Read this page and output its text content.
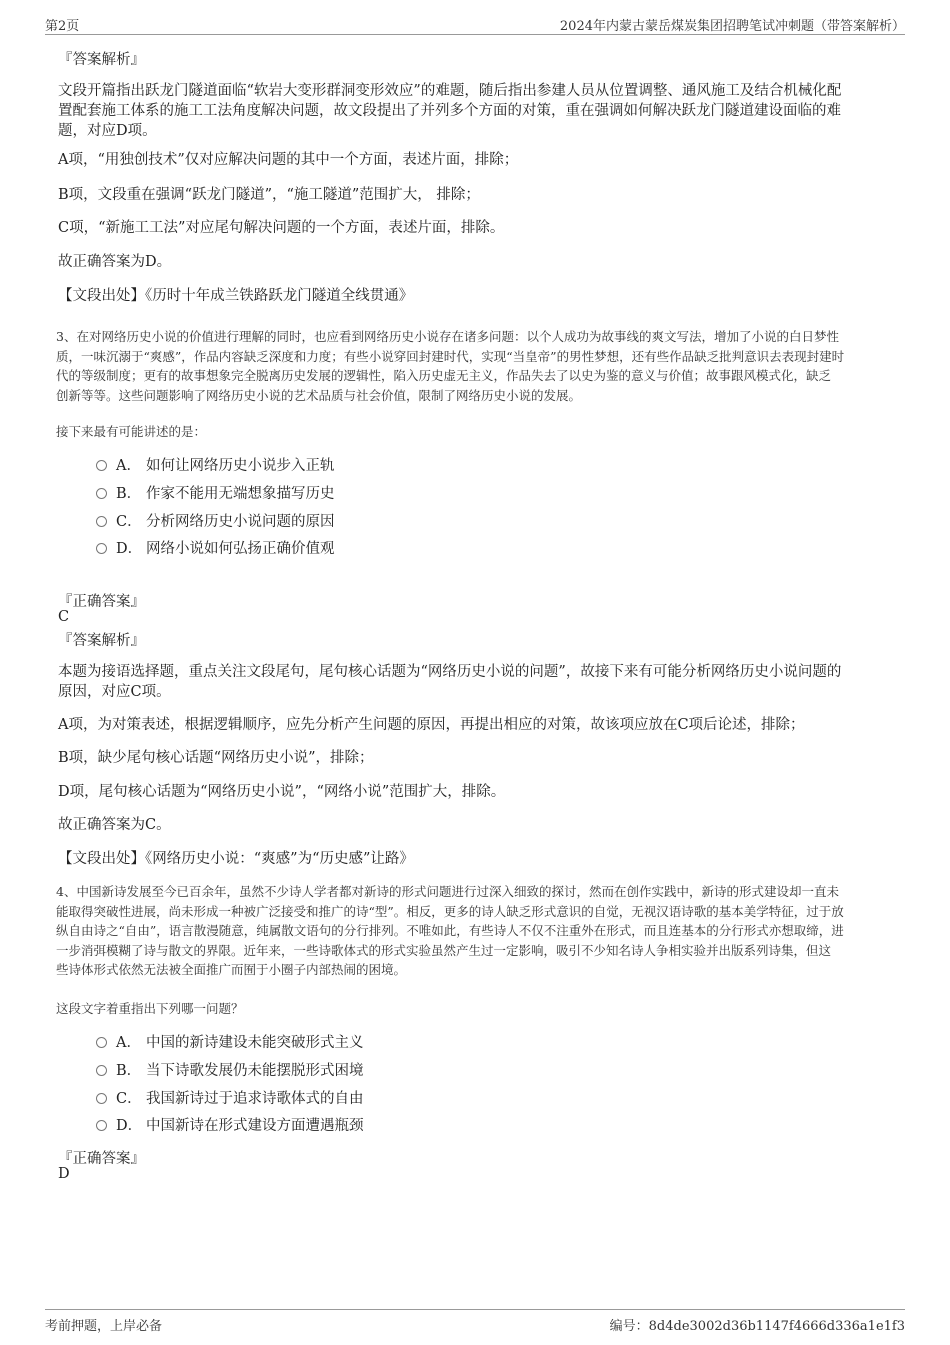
第2页	2024年内蒙古蒙岳煤炭集团招聘笔试冲刺题（带答案解析）
『答案解析』
文段开篇指出跃龙门隧道面临“软岩大变形群洞变形效应”的难题，随后指出参建人员从位置调整、通风施工及结合机械化配
置配套施工体系的施工工法角度解决问题，故文段提出了并列多个方面的对策，重在强调如何解决跃龙门隧道建设面临的难
题，对应D项。
A项，“用独创技术”仅对应解决问题的其中一个方面，表述片面，排除；
B项，文段重在强调“跃龙门隧道”，“施工隧道”范围扩大， 排除；
C项，“新施工工法”对应尾句解决问题的一个方面，表述片面，排除。
故正确答案为D。
【文段出处】《历时十年成兰铁路跃龙门隧道全线贯通》
3、在对网络历史小说的价值进行理解的同时，也应看到网络历史小说存在诸多问题：以个人成功为故事线的爽文写法，增加了小说的白日梦性
质，一味沉溺于“爽感”，作品内容缺乏深度和力度；有些小说穿回封建时代，实现“当皇帝”的男性梦想，还有些作品缺乏批判意识去表现封建时
代的等级制度；更有的故事想象完全脱离历史发展的逻辑性，陷入历史虚无主义，作品失去了以史为鉴的意义与价值；故事跟风模式化，缺乏
创新等等。这些问题影响了网络历史小说的艺术品质与社会价值，限制了网络历史小说的发展。
接下来最有可能讲述的是：
A． 如何让网络历史小说步入正轨
B． 作家不能用无端想象描写历史
C． 分析网络历史小说问题的原因
D． 网络小说如何弘扬正确价值观
『正确答案』
C
『答案解析』
本题为接语选择题，重点关注文段尾句，尾句核心话题为“网络历史小说的问题”，故接下来有可能分析网络历史小说问题的
原因，对应C项。
A项，为对策表述，根据逻辑顺序，应先分析产生问题的原因，再提出相应的对策，故该项应放在C项后论述，排除；
B项，缺少尾句核心话题“网络历史小说”，排除；
D项，尾句核心话题为“网络历史小说”，“网络小说”范围扩大，排除。
故正确答案为C。
【文段出处】《网络历史小说：“爽感”为“历史感”让路》
4、中国新诗发展至今已百余年，虽然不少诗人学者都对新诗的形式问题进行过深入细致的探讨，然而在创作实践中，新诗的形式建设却一直未
能取得突破性进展，尚未形成一种被广泛接受和推广的诗“型”。相反，更多的诗人缺乏形式意识的自觉，无视汉语诗歌的基本美学特征，过于放
纵自由诗之“自由”，语言散漫随意，纯属散文语句的分行排列。不唯如此，有些诗人不仅不注重外在形式，而且连基本的分行形式亦想取缔，进
一步消弭模糊了诗与散文的界限。近年来，一些诗歌体式的形式实验虽然产生过一定影响，吸引不少知名诗人争相实验并出版系列诗集，但这
些诗体形式依然无法被全面推广而囿于小圈子内部热闹的困境。
这段文字着重指出下列哪一问题？
A． 中国的新诗建设未能突破形式主义
B． 当下诗歌发展仍未能摆脱形式困境
C． 我国新诗过于追求诗歌体式的自由
D． 中国新诗在形式建设方面遭遇瓶颈
『正确答案』
D
考前押题，上岸必备	编号：8d4de3002d36b1147f4666d336a1e1f3
